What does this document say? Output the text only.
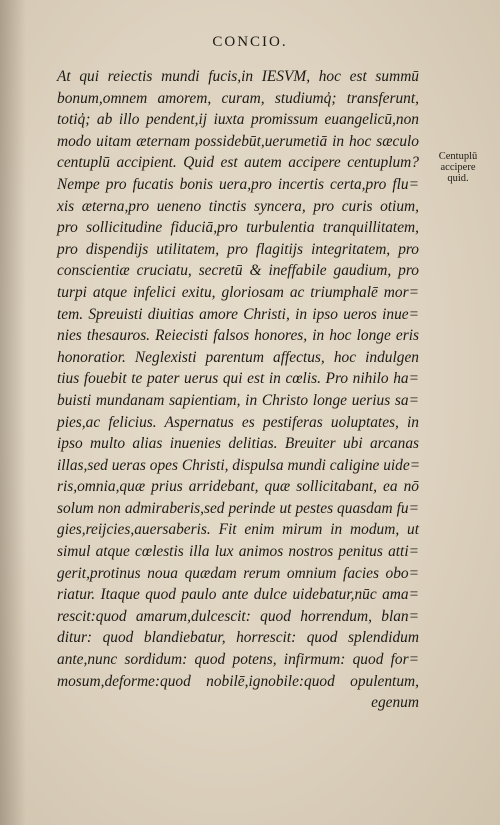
CONCIO.
At qui reiectis mundi fucis,in IESVM, hoc est summū
bonum,omnem amorem, curam, studiumq̓; transferunt,
totiq̓; ab illo pendent,ij iuxta promissum euangelicū,non
modo uitam æternam possidebūt,uerumetiā in hoc sæculo
centuplū accipient. Quid est autem accipere centuplum?
Nempe pro fucatis bonis uera,pro incertis certa,pro flu=
xis æterna,pro ueneno tinctis syncera, pro curis otium,
pro sollicitudine fiduciā,pro turbulentia tranquillitatem,
pro dispendijs utilitatem, pro flagitijs integritatem, pro
conscientiæ cruciatu, secretū & ineffabile gaudium, pro
turpi atque infelici exitu, gloriosam ac triumphalē mor=
tem. Spreuisti diuitias amore Christi, in ipso ueros inue=
nies thesauros. Reiecisti falsos honores, in hoc longe eris
honoratior. Neglexisti parentum affectus, hoc indulgen
tius fouebit te pater uerus qui est in cœlis. Pro nihilo ha=
buisti mundanam sapientiam, in Christo longe uerius sa=
pies,ac felicius. Aspernatus es pestiferas uoluptates, in
ipso multo alias inuenies delitias. Breuiter ubi arcanas
illas,sed ueras opes Christi, dispulsa mundi caligine uide=
ris,omnia,quæ prius arridebant, quæ sollicitabant, ea nō
solum non admiraberis,sed perinde ut pestes quasdam fu=
gies,reijcies,auersaberis. Fit enim mirum in modum, ut
simul atque cœlestis illa lux animos nostros penitus atti=
gerit,protinus noua quædam rerum omnium facies obo=
riatur. Itaque quod paulo ante dulce uidebatur,nūc ama=
rescit:quod amarum,dulcescit: quod horrendum, blan=
ditur: quod blandiebatur, horrescit: quod splendidum
ante,nunc sordidum: quod potens, infirmum: quod for=
mosum,deforme:quod nobilē,ignobile:quod opulentum,
egenum
Centuplū
accipere
quid.
